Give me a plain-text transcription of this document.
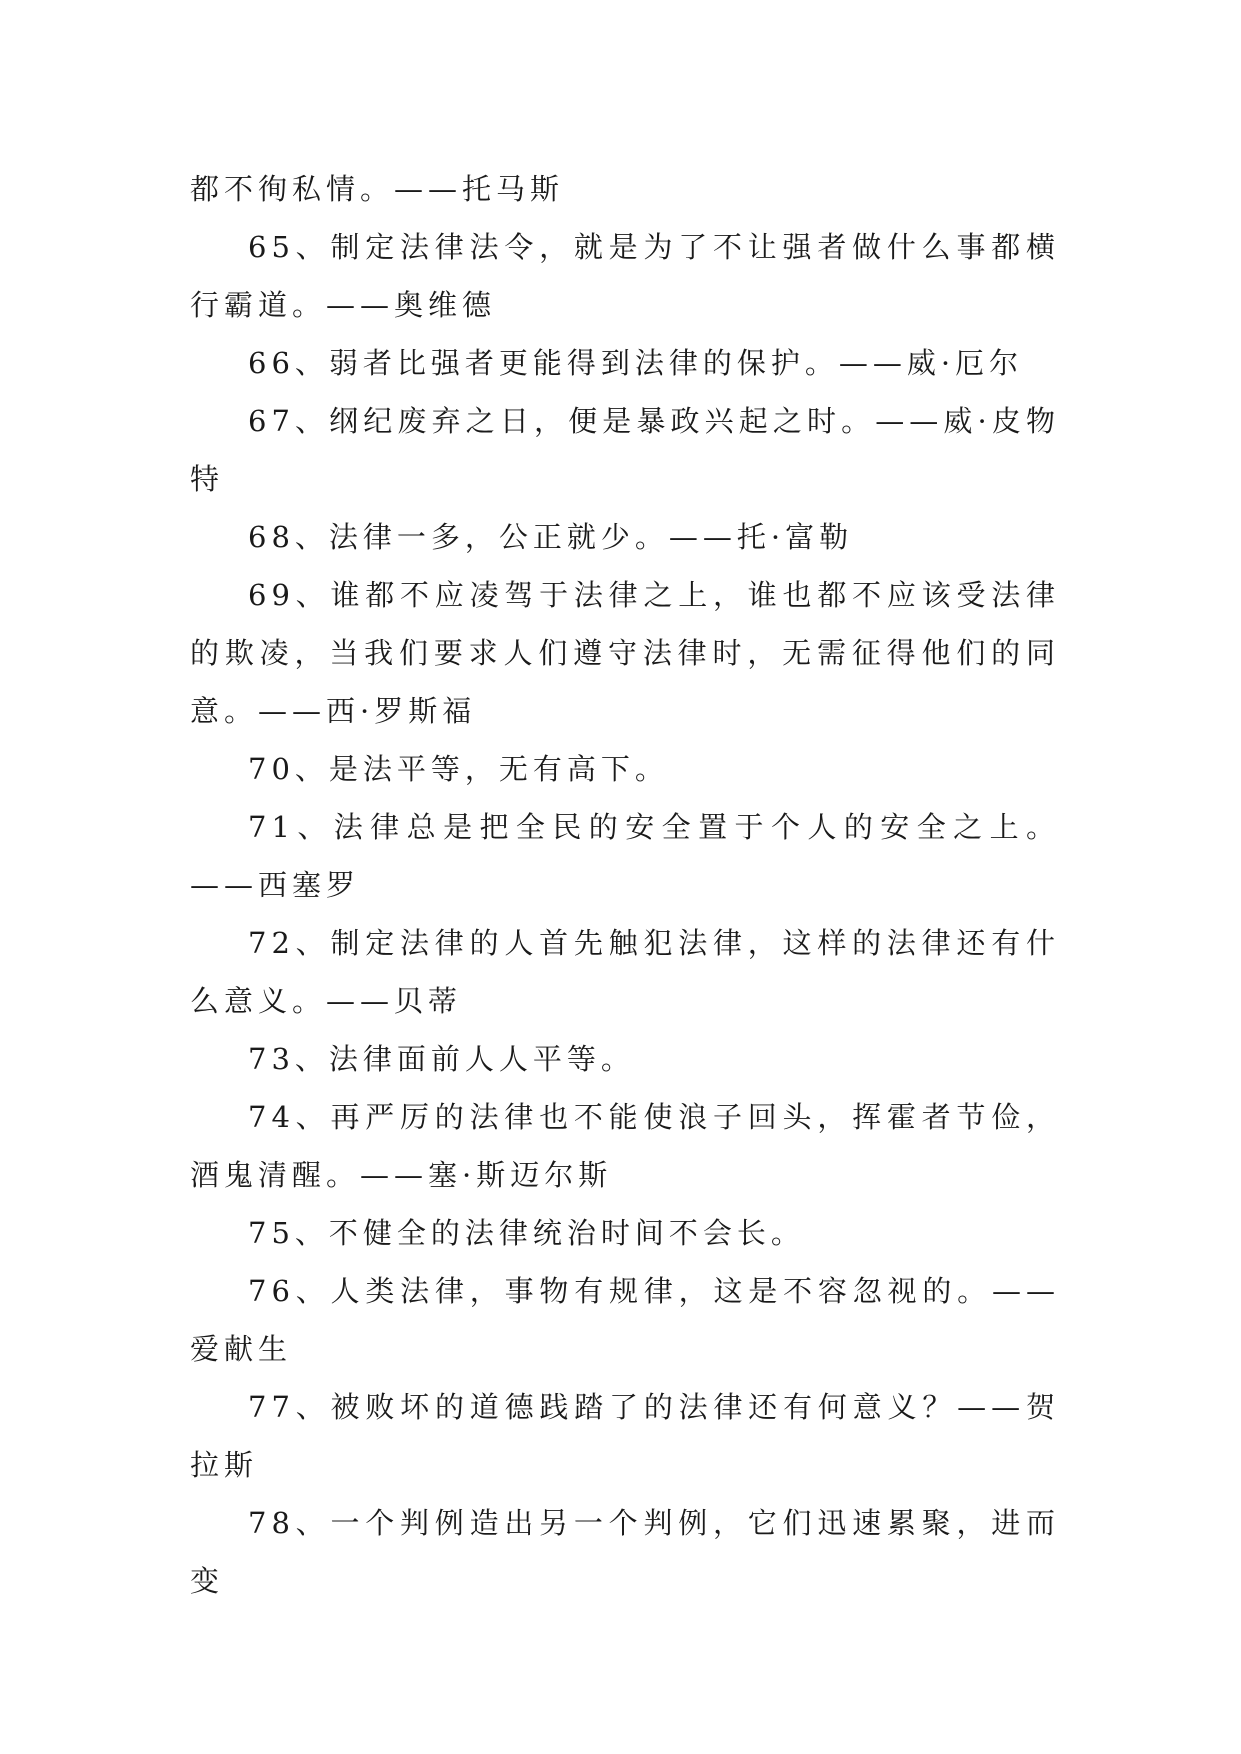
都不徇私情。——托马斯

65、制定法律法令，就是为了不让强者做什么事都横行霸道。——奥维德

66、弱者比强者更能得到法律的保护。——威·厄尔

67、纲纪废弃之日，便是暴政兴起之时。——威·皮物特

68、法律一多，公正就少。——托·富勒

69、谁都不应凌驾于法律之上，谁也都不应该受法律的欺凌，当我们要求人们遵守法律时，无需征得他们的同意。——西·罗斯福

70、是法平等，无有高下。

71、法律总是把全民的安全置于个人的安全之上。——西塞罗

72、制定法律的人首先触犯法律，这样的法律还有什么意义。——贝蒂

73、法律面前人人平等。

74、再严厉的法律也不能使浪子回头，挥霍者节俭，酒鬼清醒。——塞·斯迈尔斯

75、不健全的法律统治时间不会长。

76、人类法律，事物有规律，这是不容忽视的。——爱献生

77、被败坏的道德践踏了的法律还有何意义？——贺拉斯

78、一个判例造出另一个判例，它们迅速累聚，进而变
